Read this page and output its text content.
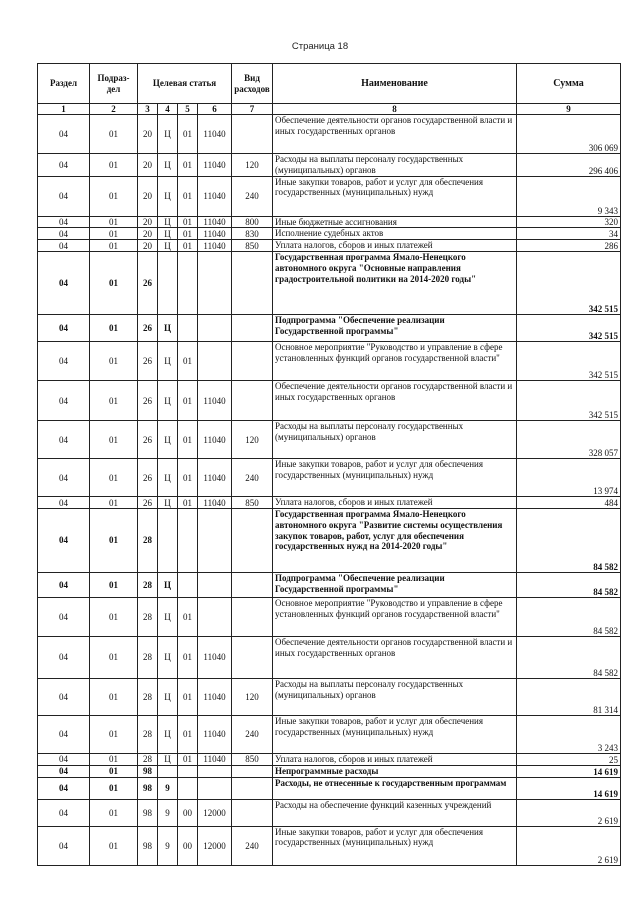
Страница 18
Раздел	Подраз-дел	Целевая статья				Вид расходов	Наименование	Сумма
1	2	3	4	5	6	7	8	9
04	01	20	Ц	01	11040		Обеспечение деятельности органов государственной власти и иных государственных органов	306 069
04	01	20	Ц	01	11040	120	Расходы на выплаты персоналу государственных (муниципальных) органов	296 406
04	01	20	Ц	01	11040	240	Иные закупки товаров, работ и услуг для обеспечения государственных (муниципальных) нужд	9 343
04	01	20	Ц	01	11040	800	Иные бюджетные ассигнования	320
04	01	20	Ц	01	11040	830	Исполнение судебных актов	34
04	01	20	Ц	01	11040	850	Уплата налогов, сборов и иных платежей	286
04	01	26					Государственная программа Ямало-Ненецкого автономного округа "Основные направления градостроительной политики на 2014-2020 годы"	342 515
04	01	26	Ц				Подпрограмма "Обеспечение реализации Государственной программы"	342 515
04	01	26	Ц	01			Основное мероприятие "Руководство и управление в сфере установленных функций органов государственной власти"	342 515
04	01	26	Ц	01	11040		Обеспечение деятельности органов государственной власти и иных государственных органов	342 515
04	01	26	Ц	01	11040	120	Расходы на выплаты персоналу государственных (муниципальных) органов	328 057
04	01	26	Ц	01	11040	240	Иные закупки товаров, работ и услуг для обеспечения государственных (муниципальных) нужд	13 974
04	01	26	Ц	01	11040	850	Уплата налогов, сборов и иных платежей	484
04	01	28					Государственная программа Ямало-Ненецкого автономного округа "Развитие системы осуществления закупок товаров, работ, услуг для обеспечения государственных нужд на 2014-2020 годы"	84 582
04	01	28	Ц				Подпрограмма "Обеспечение реализации Государственной программы"	84 582
04	01	28	Ц	01			Основное мероприятие "Руководство и управление в сфере установленных функций органов государственной власти"	84 582
04	01	28	Ц	01	11040		Обеспечение деятельности органов государственной власти и иных государственных органов	84 582
04	01	28	Ц	01	11040	120	Расходы на выплаты персоналу государственных (муниципальных) органов	81 314
04	01	28	Ц	01	11040	240	Иные закупки товаров, работ и услуг для обеспечения государственных (муниципальных) нужд	3 243
04	01	28	Ц	01	11040	850	Уплата налогов, сборов и иных платежей	25
04	01	98					Непрограммные расходы	14 619
04	01	98	9				Расходы, не отнесенные к государственным программам	14 619
04	01	98	9	00	12000		Расходы на обеспечение функций казенных учреждений	2 619
04	01	98	9	00	12000	240	Иные закупки товаров, работ и услуг для обеспечения государственных (муниципальных) нужд	2 619
